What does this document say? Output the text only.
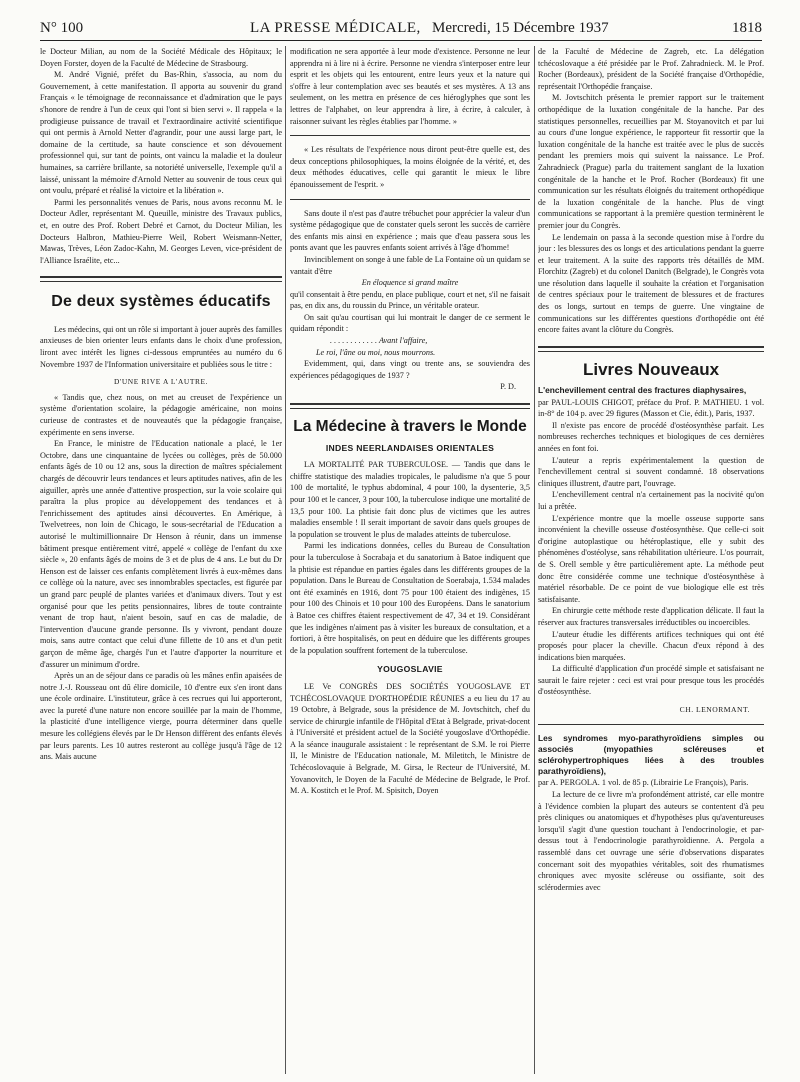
N° 100	LA PRESSE MÉDICALE, Mercredi, 15 Décembre 1937	1818

le Docteur Milian, au nom de la Société Médicale des Hôpitaux; le Doyen Forster, doyen de la Faculté de Médecine de Strasbourg.

M. André Vignié, préfet du Bas-Rhin, s'associa, au nom du Gouvernement, à cette manifestation. Il apporta au souvenir du grand Français « le témoignage de reconnaissance et d'admiration que le pays s'honore de rendre à l'un de ceux qui l'ont si bien servi ». Il rappela « la prodigieuse puissance de travail et l'extraordinaire activité scientifique qui ont permis à Arnold Netter d'agrandir, pour une aussi large part, le domaine de la certitude, sa haute conscience et son dévouement professionnel qui, sur tant de points, ont vaincu la maladie et la douleur humaines, sa carrière brillante, sa notoriété universelle, l'exemple qu'il a laissé, unissant la mémoire d'Arnold Netter au souvenir de tous ceux qui ont voulu, préparé et réalisé la victoire et la libération ».

Parmi les personnalités venues de Paris, nous avons reconnu M. le Docteur Adler, représentant M. Queuille, ministre des Travaux publics, et, en outre des Prof. Robert Debré et Carnot, du Docteur Milian, les Docteurs Halbron, Mathieu-Pierre Weil, Robert Weismann-Netter, Mawas, Trèves, Léon Zadoc-Kahn, M. Georges Leven, vice-président de l'Alliance Israélite, etc...

De deux systèmes éducatifs

Les médecins, qui ont un rôle si important à jouer auprès des familles anxieuses de bien orienter leurs enfants dans le choix d'une profession, liront avec intérêt les lignes ci-dessous empruntées au numéro du 6 Novembre 1937 de l'Information universitaire et publiées sous le titre :

D'UNE RIVE A L'AUTRE.

« Tandis que, chez nous, on met au creuset de l'expérience un système d'orientation scolaire, la pédagogie américaine, non moins curieuse de contrastes et de nouveautés que la pédagogie française, expérimente en sens inverse.

En France, le ministre de l'Education nationale a placé, le 1er Octobre, dans une cinquantaine de lycées ou collèges, près de 50.000 enfants âgés de 10 ou 12 ans, sous la direction de maîtres spécialement chargés de découvrir leurs tendances et leurs aptitudes natives, afin de les aiguiller, après une année d'attentive prospection, sur la voie scolaire qui paraîtra la plus propice au développement des tendances et à l'enrichissement des aptitudes ainsi découvertes. En Amérique, à Twelvetrees, non loin de Chicago, le sous-secrétarial de l'Education a autorisé le multimillionnaire Dr Henson à réunir, dans un immense bâtiment presque entièrement vitré, appelé « collège de l'enfant du xxe siècle », 20 enfants âgés de moins de 3 et de plus de 4 ans. Le but du Dr Henson est de laisser ces enfants complètement livrés à eux-mêmes dans ce collège où la nature, avec ses innombrables spectacles, est figurée par un grand parc peuplé de plantes variées et d'animaux divers. Tout y est organisé pour que les petits pensionnaires, libres de toute contrainte venant de trop haut, n'aient besoin, sauf en cas de maladie, de l'intervention d'aucune grande personne. Ils y vivront, pendant douze mois, sans autre contact que celui d'une fillette de 10 ans et d'un petit garçon de même âge, chargés l'un et l'autre d'apporter la nourriture et d'assurer un minimum d'ordre.

Après un an de séjour dans ce paradis où les mânes enfin apaisées de notre J.-J. Rousseau ont dû élire domicile, 10 d'entre eux s'en iront dans une école ordinaire. L'instituteur, grâce à ces recrues qui lui apporteront, avec la pureté d'une nature non encore souillée par la main de l'homme, la plasticité d'une intelligence vierge, pourra déterminer dans quelle mesure les collégiens élevés par le Dr Henson diffèrent des enfants élevés par leurs parents. Les 10 autres resteront au collège jusqu'à l'âge de 12 ans. Mais aucune

modification ne sera apportée à leur mode d'existence. Personne ne leur apprendra ni à lire ni à écrire. Personne ne viendra s'interposer entre leur esprit et les objets qui les entourent, entre leurs yeux et la nature qui s'offre à leur contemplation avec ses beautés et ses mystères. A 13 ans seulement, on les mettra en présence de ces hiéroglyphes que sont les lettres de l'alphabet, on leur apprendra à lire, à écrire, à calculer, à raisonner suivant les règles établies par l'homme. »

« Les résultats de l'expérience nous diront peut-être quelle est, des deux conceptions philosophiques, la moins éloignée de la vérité, et, des deux méthodes éducatives, celle qui garantit le mieux le libre épanouissement de l'esprit. »

Sans doute il n'est pas d'autre trébuchet pour apprécier la valeur d'un système pédagogique que de constater quels seront les succès de carrière des enfants mis ainsi en expérience ; mais que d'eau passera sous les ponts avant que les pauvres enfants soient arrivés à l'âge d'homme!

Invinciblement on songe à une fable de La Fontaine où un quidam se vantait d'être

En éloquence si grand maître

qu'il consentait à être pendu, en place publique, court et net, s'il ne faisait pas, en dix ans, du roussin du Prince, un véritable orateur.

On sait qu'au courtisan qui lui montrait le danger de ce serment le quidam répondit :

. . . . . . . . . . . . Avant l'affaire,

Le roi, l'âne ou moi, nous mourrons.

Evidemment, qui, dans vingt ou trente ans, se souviendra des expériences pédagogiques de 1937 ?

P. D.

La Médecine à travers le Monde
INDES NEERLANDAISES ORIENTALES

LA MORTALITÉ PAR TUBERCULOSE. — Tandis que dans le chiffre statistique des maladies tropicales, le paludisme n'a que 5 pour 100 de mortalité, le typhus abdominal, 4 pour 100, la dysenterie, 3,5 pour 100 et le cancer, 3 pour 100, la tuberculose indique une mortalité de 13,5 pour 100. La phtisie fait donc plus de victimes que les autres maladies ensemble ! Il serait important de savoir dans quels groupes de la population se trouvent le plus de malades atteints de tuberculose.

Parmi les indications données, celles du Bureau de Consultation pour la tuberculose à Socrabaja et du sanatorium à Batoe indiquent que la phtisie est répandue en parties égales dans les différents groupes de la population. Dans le Bureau de Consultation de Soerabaja, 1.534 malades ont été examinés en 1916, dont 75 pour 100 étaient des indigènes, 15 pour 100 des Chinois et 10 pour 100 des Européens. Dans le sanatorium à Batoe ces chiffres étaient respectivement de 47, 34 et 19. Considérant que les indigènes n'aiment pas à visiter les bureaux de consultation, et a fortiori, à être hospitalisés, on peut en déduire que les différents groupes de la population souffrent fortement de la tuberculose.

YOUGOSLAVIE

LE Ve CONGRÈS DES SOCIÉTÉS YOUGOSLAVE ET TCHÉCOSLOVAQUE D'ORTHOPÉDIE RÉUNIES a eu lieu du 17 au 19 Octobre, à Belgrade, sous la présidence de M. Jovtschitch, chef du service de chirurgie infantile de l'Hôpital d'Etat à Belgrade, privat-docent à l'Université et président actuel de la Société yougoslave d'Orthopédie. A la séance inaugurale assistaient : le représentant de S.M. le roi Pierre II, le Ministre de l'Education nationale, M. Miletitch, le Ministre de Tchécoslovaquie à Belgrade, M. Girsa, le Recteur de l'Université, M. Yovanovitch, le Doyen de la Faculté de Médecine de Belgrade, le Prof. M. A. Kostitch et le Prof. M. Spisitch, Doyen

de la Faculté de Médecine de Zagreb, etc. La délégation tchécoslovaque a été présidée par le Prof. Zahradnieck. M. le Prof. Rocher (Bordeaux), président de la Société française d'Orthopédie, représentait l'Orthopédie française.

M. Jovtschitch présenta le premier rapport sur le traitement orthopédique de la luxation congénitale de la hanche. Par des statistiques personnelles, recueillies par M. Stoyanovitch et par lui au cours d'une longue expérience, le rapporteur fit ressortir que la luxation congénitale de la hanche est traitée avec le plus de succès pendant les premiers mois qui suivent la naissance. Le Prof. Zahradnieck (Prague) parla du traitement sanglant de la luxation congénitale de la hanche et le Prof. Rocher (Bordeaux) fit une communication sur les résultats éloignés du traitement orthopédique de la luxation congénitale de la hanche. Plus de vingt communications se rapportant à la première question terminèrent le premier jour du Congrès.

Le lendemain on passa à la seconde question mise à l'ordre du jour : les blessures des os longs et des articulations pendant la guerre et leur traitement. A la suite des rapports très détaillés de MM. Florchitz (Zagreb) et du colonel Danitch (Belgrade), le Congrès vota une résolution dans laquelle il souhaite la création et l'organisation de centres spéciaux pour le traitement de blessures et de fractures des os longs, surtout en temps de guerre. Une vingtaine de communications sur les différentes questions d'orthopédie ont été encore faites avant la clôture du Congrès.

Livres Nouveaux

L'enchevillement central des fractures diaphysaires,

par PAUL-LOUIS CHIGOT, préface du Prof. P. MATHIEU. 1 vol. in-8° de 104 p. avec 29 figures (Masson et Cie, édit.), Paris, 1937.

Il n'existe pas encore de procédé d'ostéosynthèse parfait. Les nombreuses recherches techniques et biologiques de ces dernières années en font foi.

L'auteur a repris expérimentalement la question de l'enchevillement central si souvent condamné. 18 observations cliniques illustrent, d'autre part, l'ouvrage.

L'enchevillement central n'a certainement pas la nocivité qu'on lui a prêtée.

L'expérience montre que la moelle osseuse supporte sans inconvénient la cheville osseuse d'ostéosynthèse. Que celle-ci soit d'origine autoplastique ou hétéroplastique, elle y subit des phénomènes d'ostéolyse, sans réhabilitation ultérieure. L'os pourrait, de S. Orell semble y être particulièrement apte. La méthode peut donc être considérée comme une technique d'ostéosynthèse à matériel résorbable. De ce point de vue biologique elle est très satisfaisante.

En chirurgie cette méthode reste d'application délicate. Il faut la réserver aux fractures transversales irréductibles ou incoercibles.

L'auteur étudie les différents artifices techniques qui ont été proposés pour placer la cheville. Chacun d'eux répond à des indications bien marquées.

La difficulté d'application d'un procédé simple et satisfaisant ne saurait le faire rejeter : ceci est vrai pour presque tous les procédés d'ostéosynthèse.

CH. LENORMANT.

Les syndromes myo-parathyroïdiens simples ou associés (myopathies scléreuses et sclérohypertrophiques liées à des troubles parathyroïdiens),

par A. PERGOLA. 1 vol. de 85 p. (Librairie Le François), Paris.

La lecture de ce livre m'a profondément attristé, car elle montre à l'évidence combien la plupart des auteurs se contentent d'à peu près cliniques ou anatomiques et d'hypothèses plus qu'aventureuses lorsqu'il s'agit d'une question touchant à l'endocrinologie, et par-dessus tout à l'endocrinologie parathyroïdienne. A. Pergola a rassemblé dans cet ouvrage une série d'observations disparates concernant soit des myopathies véritables, soit des rhumatismes chroniques avec myosite scléreuse ou ossifiante, soit des sclérodermies avec
